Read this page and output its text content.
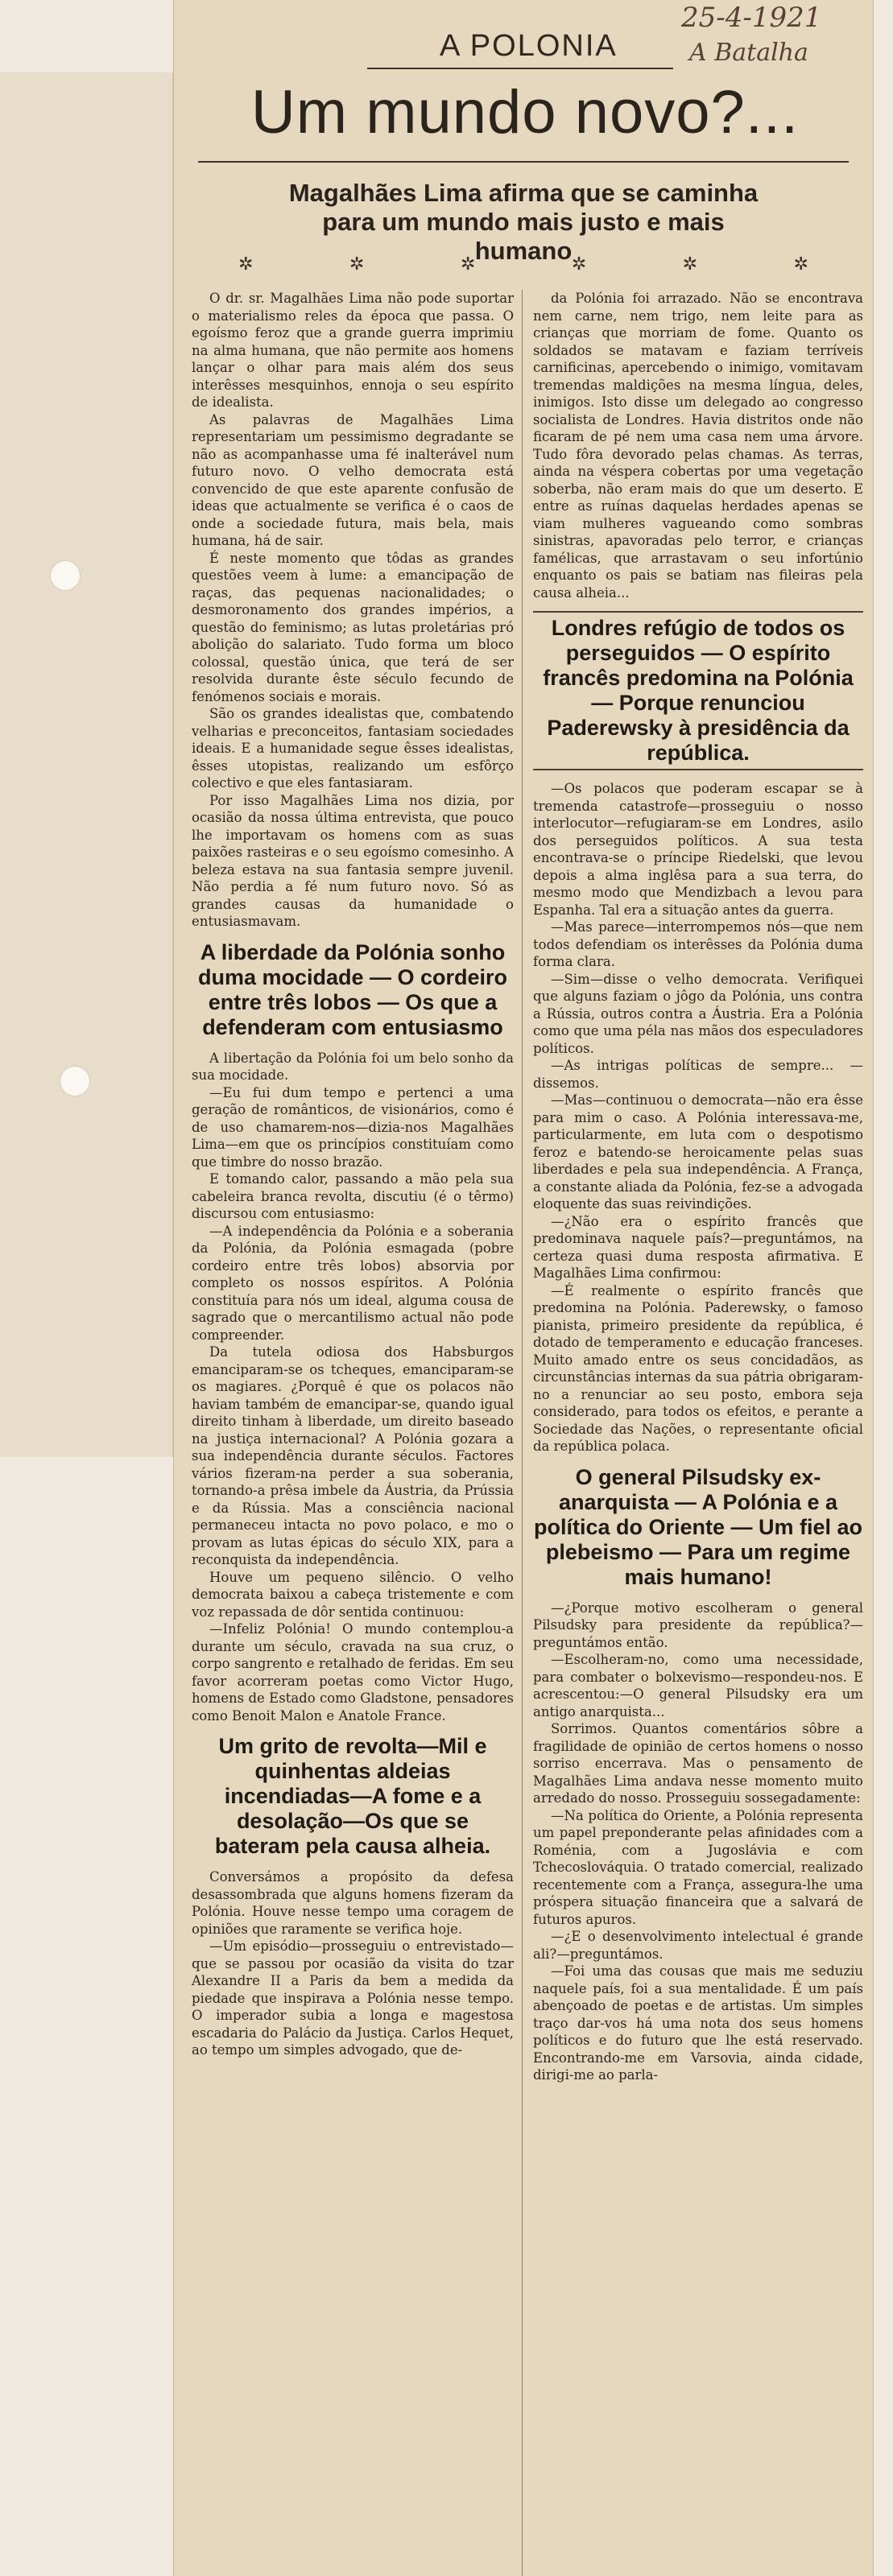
A POLONIA
25-4-1921
A Batalha
Um mundo novo?...
Magalhães Lima afirma que se caminha
para um mundo mais justo e mais
humano
✲	✲	✲	✲	✲	✲

O dr. sr. Magalhães Lima não pode suportar o materialismo reles da época que passa. O egoísmo feroz que a grande guerra imprimiu na alma humana, que não permite aos homens lançar o olhar para mais além dos seus interêsses mesquinhos, ennoja o seu espírito de idealista.

As palavras de Magalhães Lima representariam um pessimismo degradante se não as acompanhasse uma fé inalterável num futuro novo. O velho democrata está convencido de que este aparente confusão de ideas que actualmente se verifica é o caos de onde a sociedade futura, mais bela, mais humana, há de sair.

É neste momento que tôdas as grandes questões veem à lume: a emancipação de raças, das pequenas nacionalidades; o desmoronamento dos grandes impérios, a questão do feminismo; as lutas proletárias pró abolição do salariato. Tudo forma um bloco colossal, questão única, que terá de ser resolvida durante êste século fecundo de fenómenos sociais e morais.

São os grandes idealistas que, combatendo velharias e preconceitos, fantasiam sociedades ideais. E a humanidade segue êsses idealistas, êsses utopistas, realizando um esfôrço colectivo e que eles fantasiaram.

Por isso Magalhães Lima nos dizia, por ocasião da nossa última entrevista, que pouco lhe importavam os homens com as suas paixões rasteiras e o seu egoísmo comesinho. A beleza estava na sua fantasia sempre juvenil. Não perdia a fé num futuro novo. Só as grandes causas da humanidade o entusiasmavam.

A liberdade da Polónia sonho duma mocidade — O cordeiro entre três lobos — Os que a defenderam com entusiasmo

A libertação da Polónia foi um belo sonho da sua mocidade.

—Eu fui dum tempo e pertenci a uma geração de românticos, de visionários, como é de uso chamarem-nos—dizia-nos Magalhães Lima—em que os princípios constituíam como que timbre do nosso brazão.

E tomando calor, passando a mão pela sua cabeleira branca revolta, discutiu (é o têrmo) discursou com entusiasmo:

—A independência da Polónia e a soberania da Polónia, da Polónia esmagada (pobre cordeiro entre três lobos) absorvia por completo os nossos espíritos. A Polónia constituía para nós um ideal, alguma cousa de sagrado que o mercantilismo actual não pode compreender.

Da tutela odiosa dos Habsburgos emanciparam-se os tcheques, emanciparam-se os magiares. ¿Porquê é que os polacos não haviam também de emancipar-se, quando igual direito tinham à liberdade, um direito baseado na justiça internacional? A Polónia gozara a sua independência durante séculos. Factores vários fizeram-na perder a sua soberania, tornando-a prêsa imbele da Áustria, da Prússia e da Rússia. Mas a consciência nacional permaneceu intacta no povo polaco, e mo o provam as lutas épicas do século XIX, para a reconquista da independência.

Houve um pequeno silêncio. O velho democrata baixou a cabeça tristemente e com voz repassada de dôr sentida continuou:

—Infeliz Polónia! O mundo contemplou-a durante um século, cravada na sua cruz, o corpo sangrento e retalhado de feridas. Em seu favor acorreram poetas como Victor Hugo, homens de Estado como Gladstone, pensadores como Benoit Malon e Anatole France.

Um grito de revolta—Mil e quinhentas aldeias incendiadas—A fome e a desolação—Os que se bateram pela causa alheia.

Conversámos a propósito da defesa desassombrada que alguns homens fizeram da Polónia. Houve nesse tempo uma coragem de opiniões que raramente se verifica hoje.

—Um episódio—prosseguiu o entrevistado—que se passou por ocasião da visita do tzar Alexandre II a Paris da bem a medida da piedade que inspirava a Polónia nesse tempo. O imperador subia a longa e magestosa escadaria do Palácio da Justiça. Carlos Hequet, ao tempo um simples advogado, que de-

da Polónia foi arrazado. Não se encontrava nem carne, nem trigo, nem leite para as crianças que morriam de fome. Quanto os soldados se matavam e faziam terríveis carnificinas, apercebendo o inimigo, vomitavam tremendas maldições na mesma língua, deles, inimigos. Isto disse um delegado ao congresso socialista de Londres. Havia distritos onde não ficaram de pé nem uma casa nem uma árvore. Tudo fôra devorado pelas chamas. As terras, ainda na véspera cobertas por uma vegetação soberba, não eram mais do que um deserto. E entre as ruínas daquelas herdades apenas se viam mulheres vagueando como sombras sinistras, apavoradas pelo terror, e crianças famélicas, que arrastavam o seu infortúnio enquanto os pais se batiam nas fileiras pela causa alheia...

Londres refúgio de todos os perseguidos — O espírito francês predomina na Polónia — Porque renunciou Paderewsky à presidência da república.

—Os polacos que poderam escapar se à tremenda catastrofe—prosseguiu o nosso interlocutor—refugiaram-se em Londres, asilo dos perseguidos políticos. A sua testa encontrava-se o príncipe Riedelski, que levou depois a alma inglêsa para a sua terra, do mesmo modo que Mendizbach a levou para Espanha. Tal era a situação antes da guerra.

—Mas parece—interrompemos nós—que nem todos defendiam os interêsses da Polónia duma forma clara.

—Sim—disse o velho democrata. Verifiquei que alguns faziam o jôgo da Polónia, uns contra a Rússia, outros contra a Áustria. Era a Polónia como que uma péla nas mãos dos especuladores políticos.

—As intrigas políticas de sempre... —dissemos.

—Mas—continuou o democrata—não era êsse para mim o caso. A Polónia interessava-me, particularmente, em luta com o despotismo feroz e batendo-se heroicamente pelas suas liberdades e pela sua independência. A França, a constante aliada da Polónia, fez-se a advogada eloquente das suas reivindições.

—¿Não era o espírito francês que predominava naquele país?—preguntámos, na certeza quasi duma resposta afirmativa. E Magalhães Lima confirmou:

—É realmente o espírito francês que predomina na Polónia. Paderewsky, o famoso pianista, primeiro presidente da república, é dotado de temperamento e educação franceses. Muito amado entre os seus concidadãos, as circunstâncias internas da sua pátria obrigaram-no a renunciar ao seu posto, embora seja considerado, para todos os efeitos, e perante a Sociedade das Nações, o representante oficial da república polaca.

O general Pilsudsky ex-anarquista — A Polónia e a política do Oriente — Um fiel ao plebeismo — Para um regime mais humano!

—¿Porque motivo escolheram o general Pilsudsky para presidente da república?—preguntámos então.

—Escolheram-no, como uma necessidade, para combater o bolxevismo—respondeu-nos. E acrescentou:—O general Pilsudsky era um antigo anarquista...

Sorrimos. Quantos comentários sôbre a fragilidade de opinião de certos homens o nosso sorriso encerrava. Mas o pensamento de Magalhães Lima andava nesse momento muito arredado do nosso. Prosseguiu sossegadamente:

—Na política do Oriente, a Polónia representa um papel preponderante pelas afinidades com a Roménia, com a Jugoslávia e com Tchecoslováquia. O tratado comercial, realizado recentemente com a França, assegura-lhe uma próspera situação financeira que a salvará de futuros apuros.

—¿E o desenvolvimento intelectual é grande ali?—preguntámos.

—Foi uma das cousas que mais me seduziu naquele país, foi a sua mentalidade. É um país abençoado de poetas e de artistas. Um simples traço dar-vos há uma nota dos seus homens políticos e do futuro que lhe está reservado. Encontrando-me em Varsovia, ainda cidade, dirigi-me ao parla-
